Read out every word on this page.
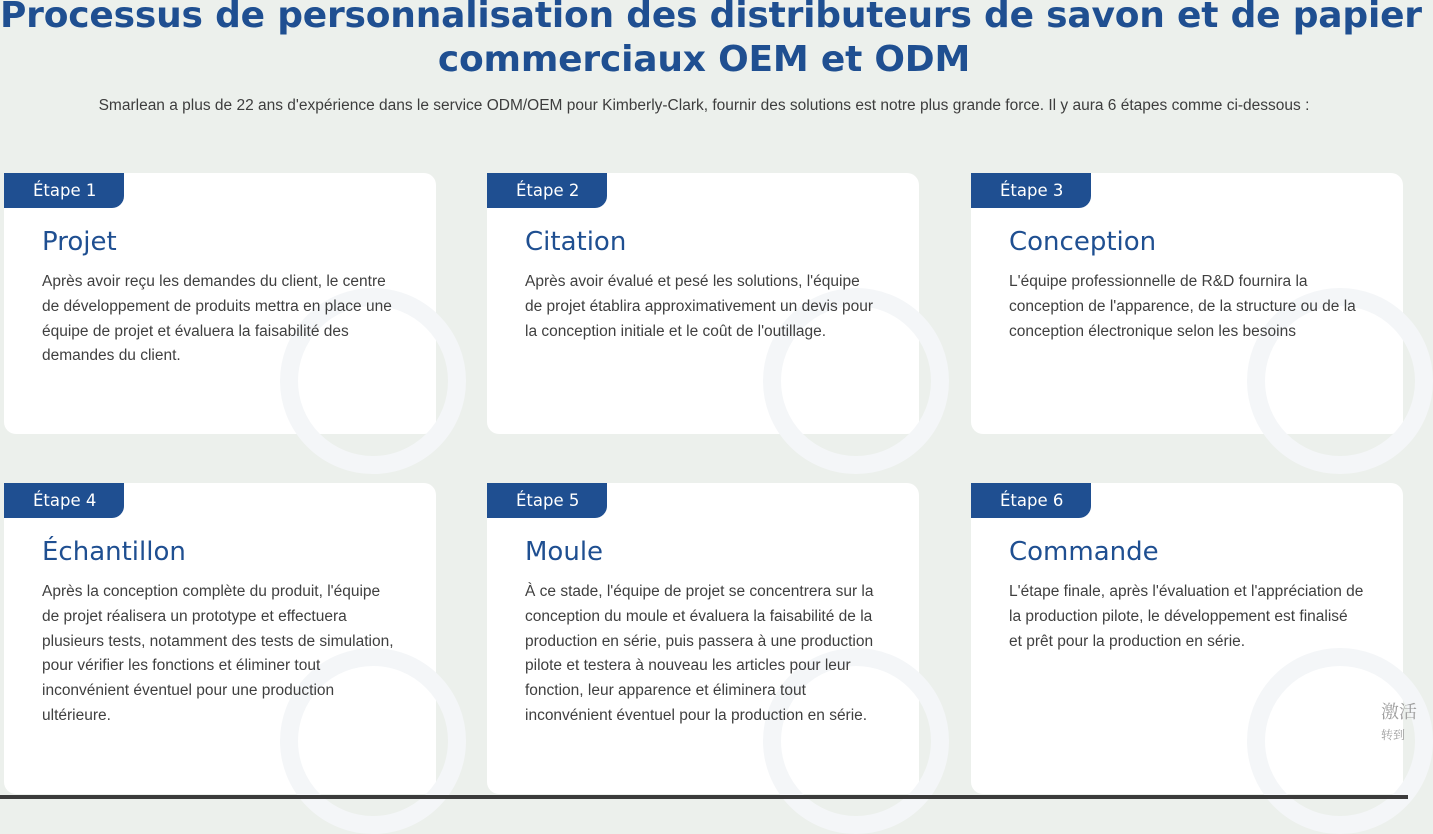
Processus de personnalisation des distributeurs de savon et de papier
commerciaux OEM et ODM

Smarlean a plus de 22 ans d'expérience dans le service ODM/OEM pour Kimberly-Clark, fournir des solutions est notre plus grande force. Il y aura 6 étapes comme ci-dessous :

Étape 1
Projet

Après avoir reçu les demandes du client, le centre de développement de produits mettra en place une équipe de projet et évaluera la faisabilité des demandes du client.

Étape 2
Citation

Après avoir évalué et pesé les solutions, l'équipe de projet établira approximativement un devis pour la conception initiale et le coût de l'outillage.

Étape 3
Conception

L'équipe professionnelle de R&D fournira la conception de l'apparence, de la structure ou de la conception électronique selon les besoins

Étape 4
Échantillon

Après la conception complète du produit, l'équipe de projet réalisera un prototype et effectuera plusieurs tests, notamment des tests de simulation, pour vérifier les fonctions et éliminer tout inconvénient éventuel pour une production ultérieure.

Étape 5
Moule

À ce stade, l'équipe de projet se concentrera sur la conception du moule et évaluera la faisabilité de la production en série, puis passera à une production pilote et testera à nouveau les articles pour leur fonction, leur apparence et éliminera tout inconvénient éventuel pour la production en série.

Étape 6
Commande

L'étape finale, après l'évaluation et l'appréciation de la production pilote, le développement est finalisé et prêt pour la production en série.

激活
转到
